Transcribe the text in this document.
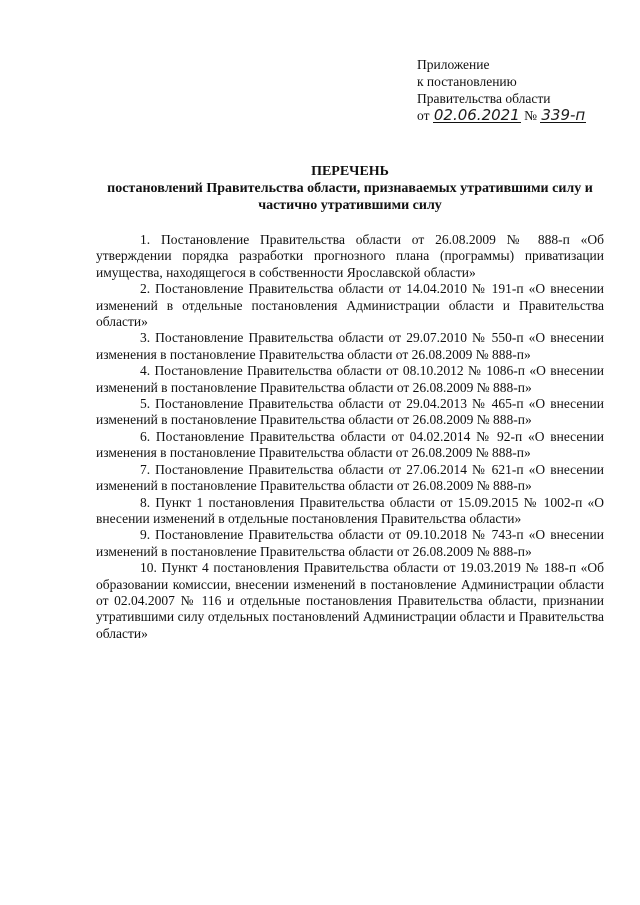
Приложение
к постановлению
Правительства области
от 02.06.2021 № 339-п
ПЕРЕЧЕНЬ
постановлений Правительства области, признаваемых утратившими силу и частично утратившими силу

1. Постановление Правительства области от 26.08.2009 № 888-п «Об утверждении порядка разработки прогнозного плана (программы) приватизации имущества, находящегося в собственности Ярославской области»

2. Постановление Правительства области от 14.04.2010 № 191-п «О внесении изменений в отдельные постановления Администрации области и Правительства области»

3. Постановление Правительства области от 29.07.2010 № 550-п «О внесении изменения в постановление Правительства области от 26.08.2009 № 888-п»

4. Постановление Правительства области от 08.10.2012 № 1086-п «О внесении изменений в постановление Правительства области от 26.08.2009 № 888-п»

5. Постановление Правительства области от 29.04.2013 № 465-п «О внесении изменений в постановление Правительства области от 26.08.2009 № 888-п»

6. Постановление Правительства области от 04.02.2014 № 92-п «О внесении изменения в постановление Правительства области от 26.08.2009 № 888-п»

7. Постановление Правительства области от 27.06.2014 № 621-п «О внесении изменений в постановление Правительства области от 26.08.2009 № 888-п»

8. Пункт 1 постановления Правительства области от 15.09.2015 № 1002-п «О внесении изменений в отдельные постановления Правительства области»

9. Постановление Правительства области от 09.10.2018 № 743-п «О внесении изменений в постановление Правительства области от 26.08.2009 № 888-п»

10. Пункт 4 постановления Правительства области от 19.03.2019 № 188-п «Об образовании комиссии, внесении изменений в постановление Администрации области от 02.04.2007 № 116 и отдельные постановления Правительства области, признании утратившими силу отдельных постановлений Администрации области и Правительства области»
